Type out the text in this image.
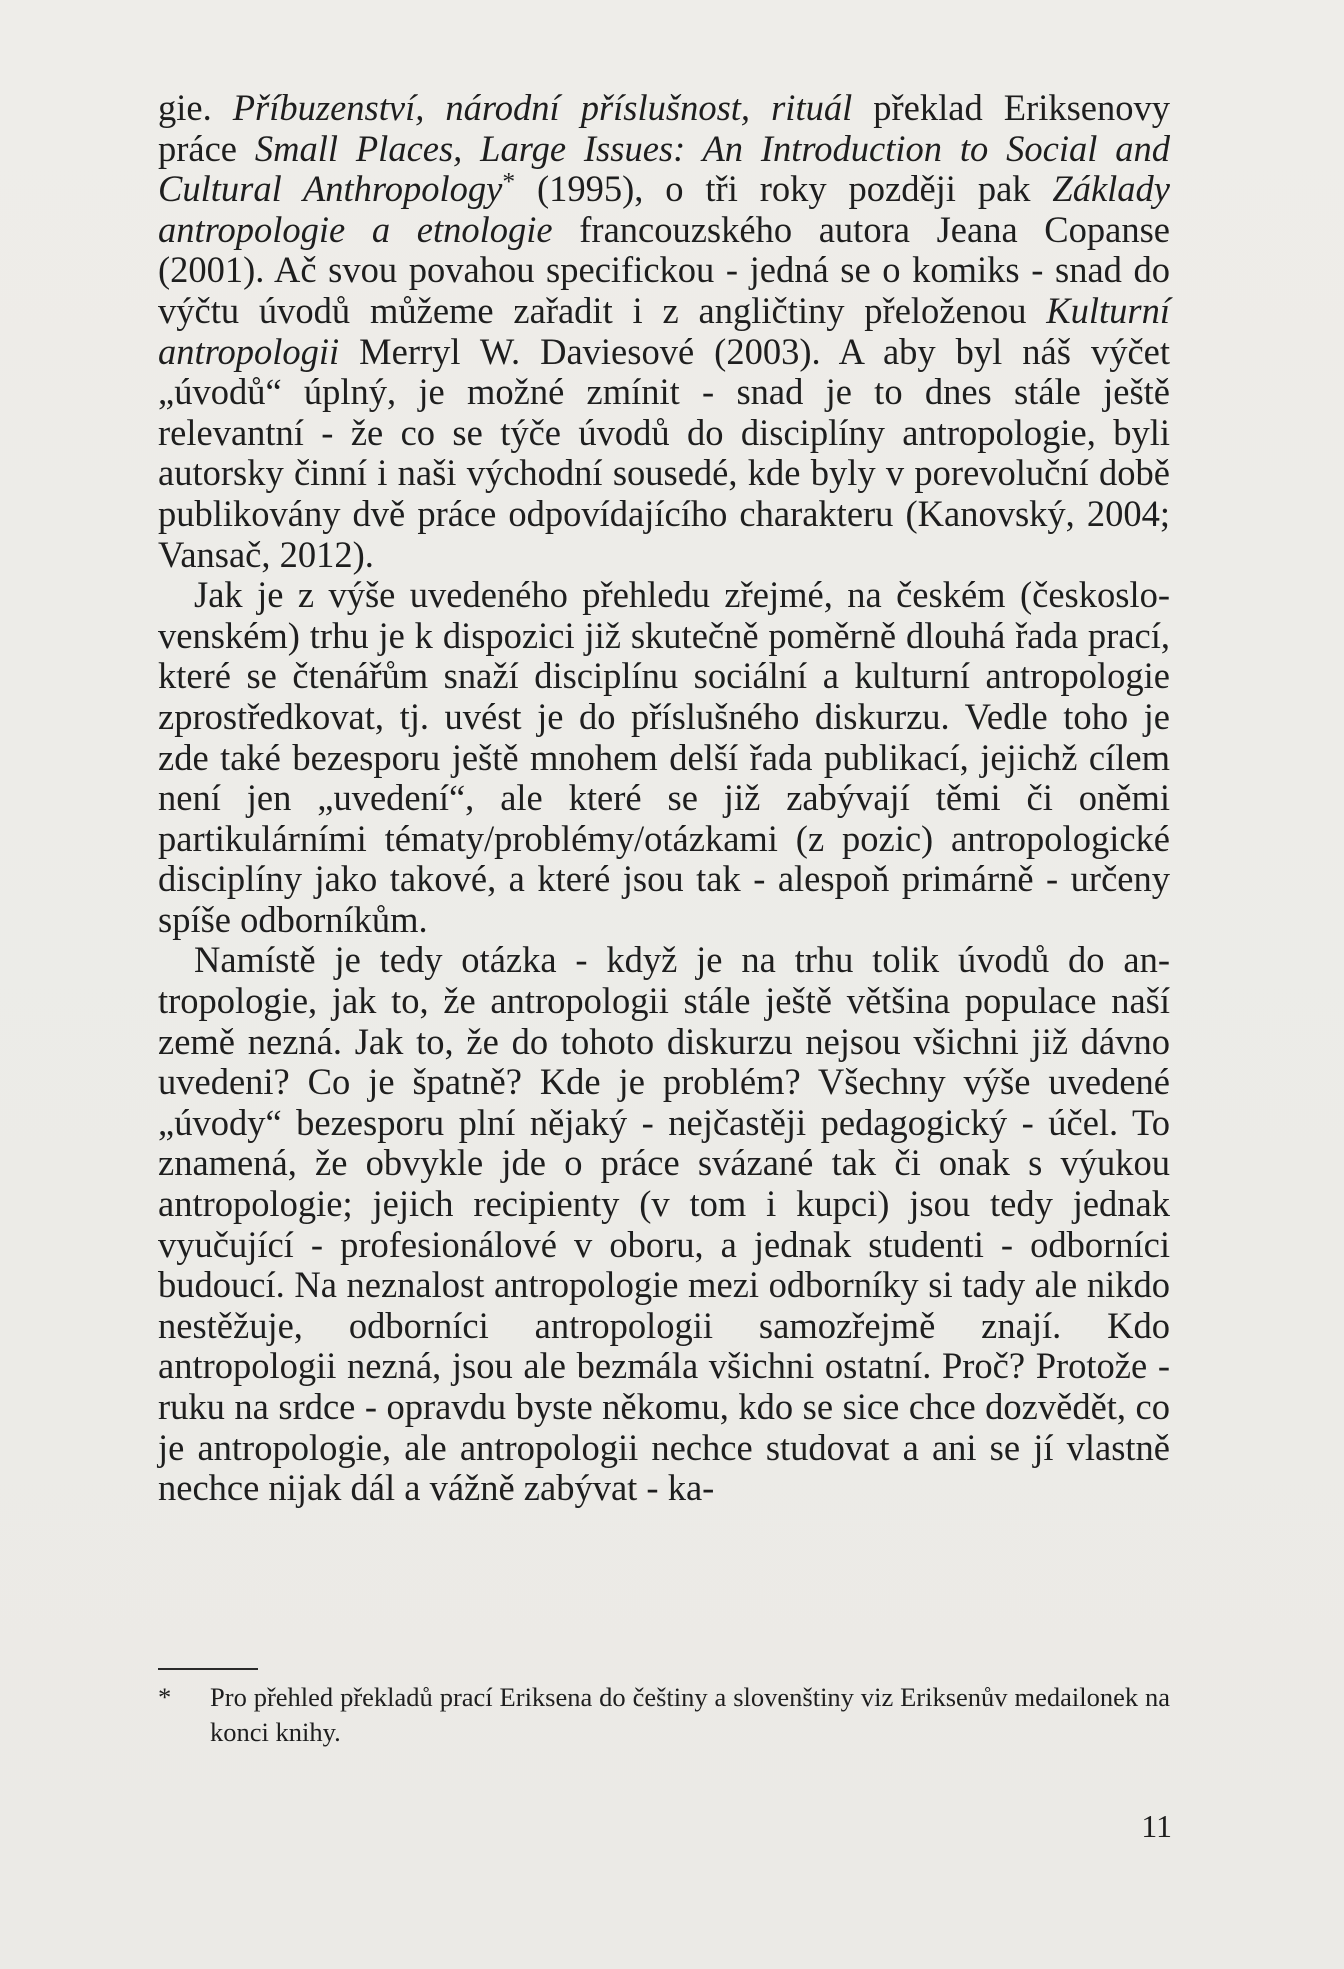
gie. Příbuzenství, národní příslušnost, rituál překlad Eriksenovy práce Small Places, Large Issues: An Introduction to Social and Cultural Anthropology* (1995), o tři roky později pak Základy antropologie a etnologie francouzského autora Jeana Copanse (2001). Ač svou povahou specifickou - jedná se o komiks - snad do výčtu úvodů můžeme zařadit i z angličtiny přeloženou Kulturní antropologii Merryl W. Daviesové (2003). A aby byl náš výčet „úvodů“ úplný, je možné zmínit - snad je to dnes stále ještě relevantní - že co se týče úvodů do disciplíny antropologie, byli autorsky činní i naši východní sousedé, kde byly v porevoluční době publikovány dvě práce odpovídajícího charakteru (Kanovský, 2004; Vansač, 2012).

Jak je z výše uvedeného přehledu zřejmé, na českém (československém) trhu je k dispozici již skutečně poměrně dlouhá řada prací, které se čtenářům snaží disciplínu sociální a kulturní antropologie zprostředkovat, tj. uvést je do příslušného diskurzu. Vedle toho je zde také bezesporu ještě mnohem delší řada publikací, jejichž cílem není jen „uvedení“, ale které se již zabývají těmi či oněmi partikulárními tématy/problémy/otázkami (z pozic) antropologické disciplíny jako takové, a které jsou tak - alespoň primárně - určeny spíše odborníkům.

Namístě je tedy otázka - když je na trhu tolik úvodů do antropologie, jak to, že antropologii stále ještě většina populace naší země nezná. Jak to, že do tohoto diskurzu nejsou všichni již dávno uvedeni? Co je špatně? Kde je problém? Všechny výše uvedené „úvody“ bezesporu plní nějaký - nejčastěji pedagogický - účel. To znamená, že obvykle jde o práce svázané tak či onak s výukou antropologie; jejich recipienty (v tom i kupci) jsou tedy jednak vyučující - profesionálové v oboru, a jednak studenti - odborníci budoucí. Na neznalost antropologie mezi odborníky si tady ale nikdo nestěžuje, odborníci antropologii samozřejmě znají. Kdo antropologii nezná, jsou ale bezmála všichni ostatní. Proč? Protože - ruku na srdce - opravdu byste někomu, kdo se sice chce dozvědět, co je antropologie, ale antropologii nechce studovat a ani se jí vlastně nechce nijak dál a vážně zabývat - ka-

* Pro přehled překladů prací Eriksena do češtiny a slovenštiny viz Eriksenův medailonek na konci knihy.
11
